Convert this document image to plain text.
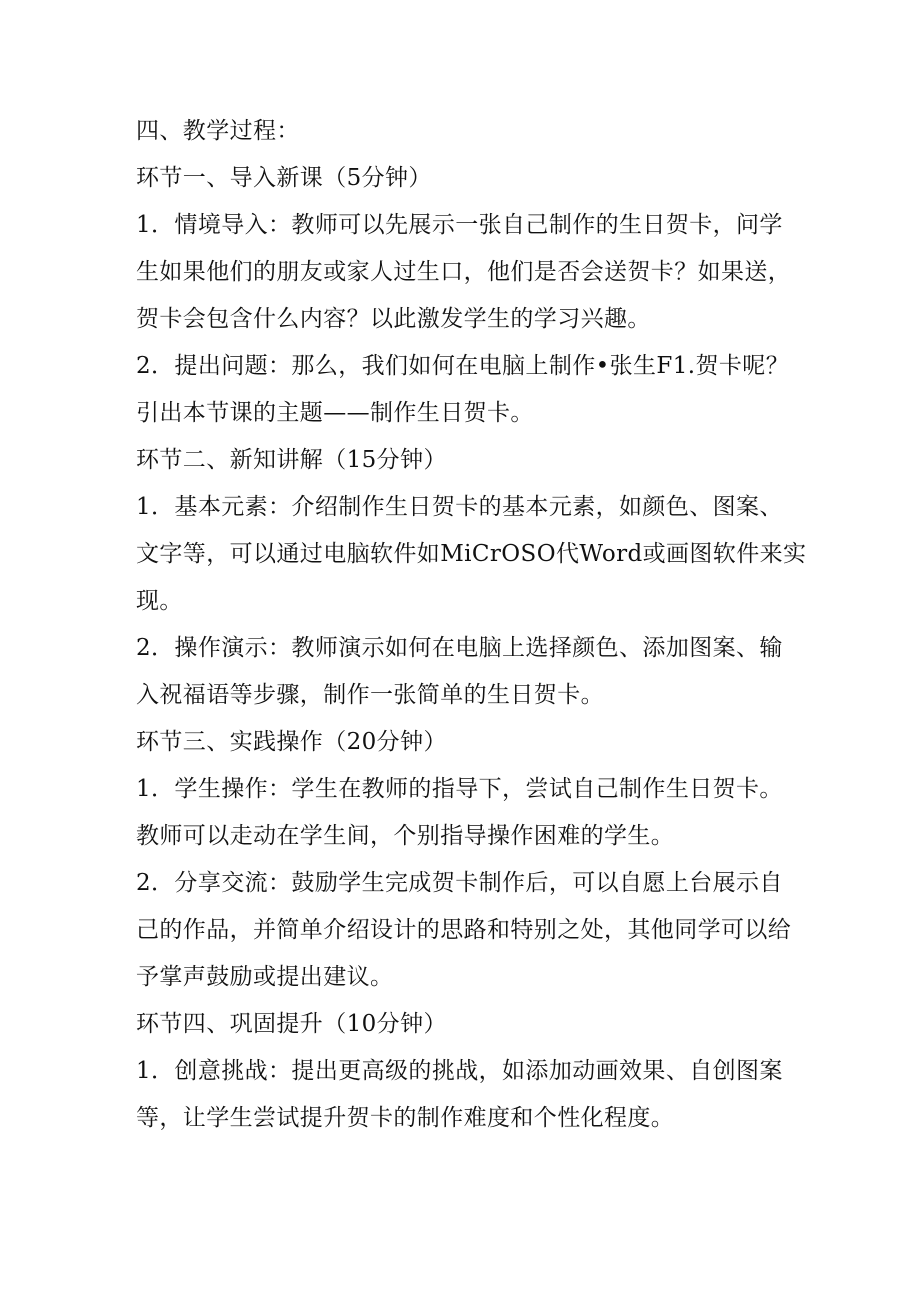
四、教学过程：
环节一、导入新课（5分钟）
1．情境导入：教师可以先展示一张自己制作的生日贺卡，问学
生如果他们的朋友或家人过生口，他们是否会送贺卡？如果送，
贺卡会包含什么内容？以此激发学生的学习兴趣。
2．提出问题：那么，我们如何在电脑上制作•张生F1.贺卡呢？
引出本节课的主题——制作生日贺卡。
环节二、新知讲解（15分钟）
1．基本元素：介绍制作生日贺卡的基本元素，如颜色、图案、
文字等，可以通过电脑软件如MiCrOSO代Word或画图软件来实
现。
2．操作演示：教师演示如何在电脑上选择颜色、添加图案、输
入祝福语等步骤，制作一张简单的生日贺卡。
环节三、实践操作（20分钟）
1．学生操作：学生在教师的指导下，尝试自己制作生日贺卡。
教师可以走动在学生间，个别指导操作困难的学生。
2．分享交流：鼓励学生完成贺卡制作后，可以自愿上台展示自
己的作品，并简单介绍设计的思路和特别之处，其他同学可以给
予掌声鼓励或提出建议。
环节四、巩固提升（10分钟）
1．创意挑战：提出更高级的挑战，如添加动画效果、自创图案
等，让学生尝试提升贺卡的制作难度和个性化程度。
